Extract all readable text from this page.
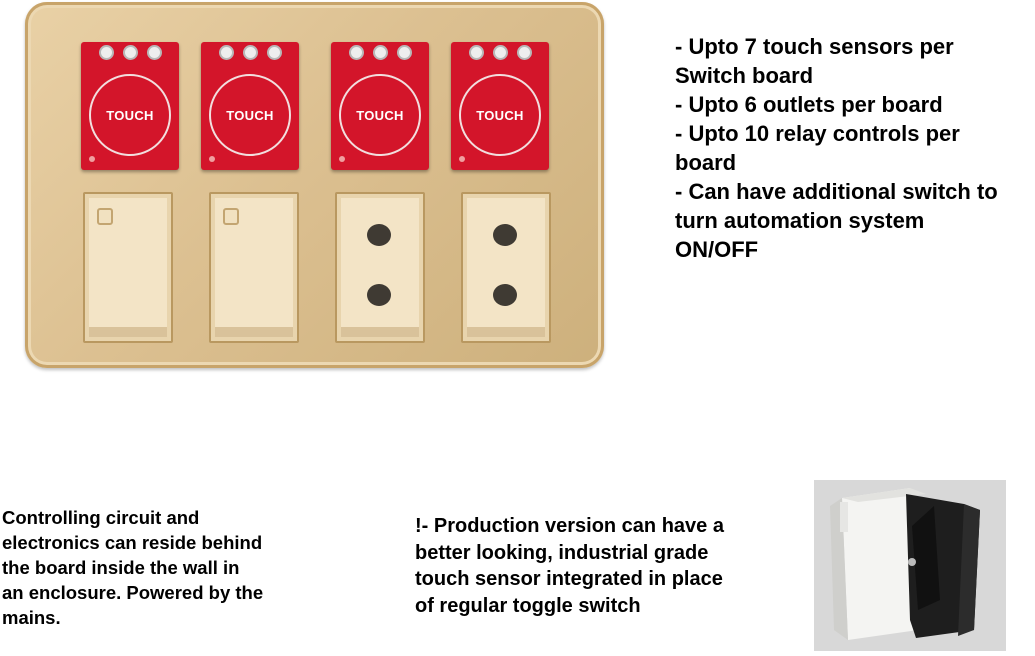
TOUCH	TOUCH	TOUCH	TOUCH
- Upto 7 touch sensors per
Switch board
- Upto 6 outlets per board
- Upto 10 relay controls per
board
- Can have additional switch to
turn automation system
ON/OFF
Controlling circuit and
electronics can reside behind
the board inside the wall in
an enclosure. Powered by the
mains.
!- Production version can have a
better looking, industrial grade
touch sensor integrated in place
of regular toggle switch
